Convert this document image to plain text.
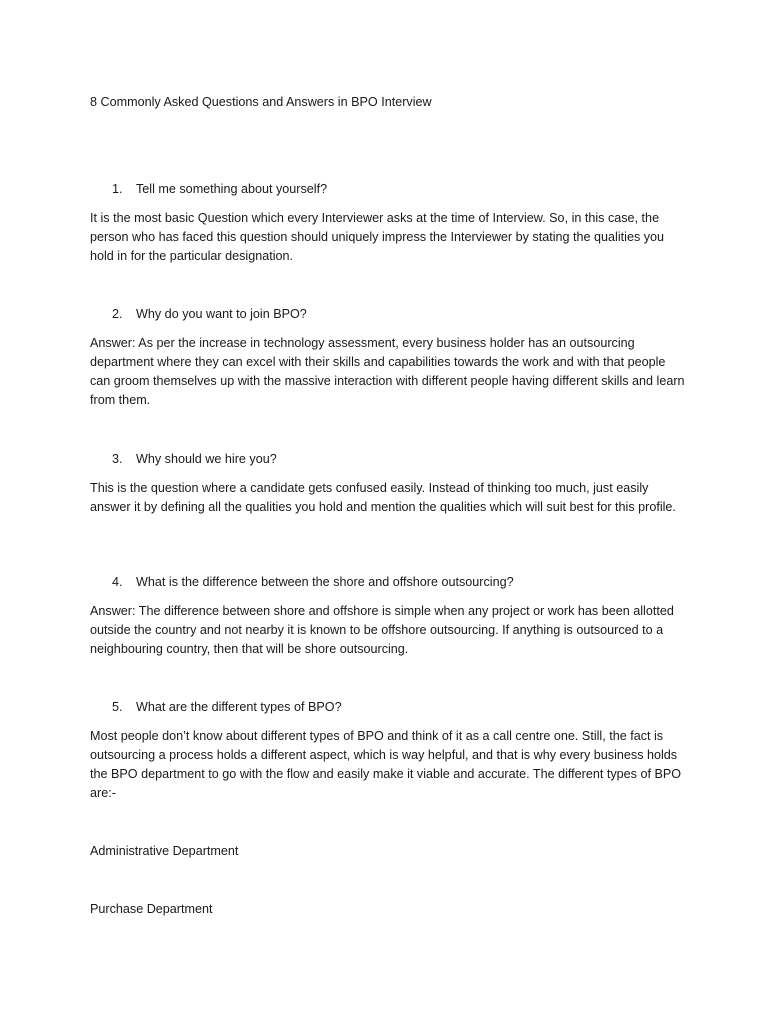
8 Commonly Asked Questions and Answers in BPO Interview

1.	Tell me something about yourself?

It is the most basic Question which every Interviewer asks at the time of Interview. So, in this case, the person who has faced this question should uniquely impress the Interviewer by stating the qualities you hold in for the particular designation.

2.	Why do you want to join BPO?

Answer: As per the increase in technology assessment, every business holder has an outsourcing department where they can excel with their skills and capabilities towards the work and with that people can groom themselves up with the massive interaction with different people having different skills and learn from them.

3.	Why should we hire you?

This is the question where a candidate gets confused easily. Instead of thinking too much, just easily answer it by defining all the qualities you hold and mention the qualities which will suit best for this profile.

4.	What is the difference between the shore and offshore outsourcing?

Answer: The difference between shore and offshore is simple when any project or work has been allotted outside the country and not nearby it is known to be offshore outsourcing. If anything is outsourced to a neighbouring country, then that will be shore outsourcing.

5.	What are the different types of BPO?

Most people don’t know about different types of BPO and think of it as a call centre one. Still, the fact is outsourcing a process holds a different aspect, which is way helpful, and that is why every business holds the BPO department to go with the flow and easily make it viable and accurate. The different types of BPO are:-

Administrative Department

Purchase Department
